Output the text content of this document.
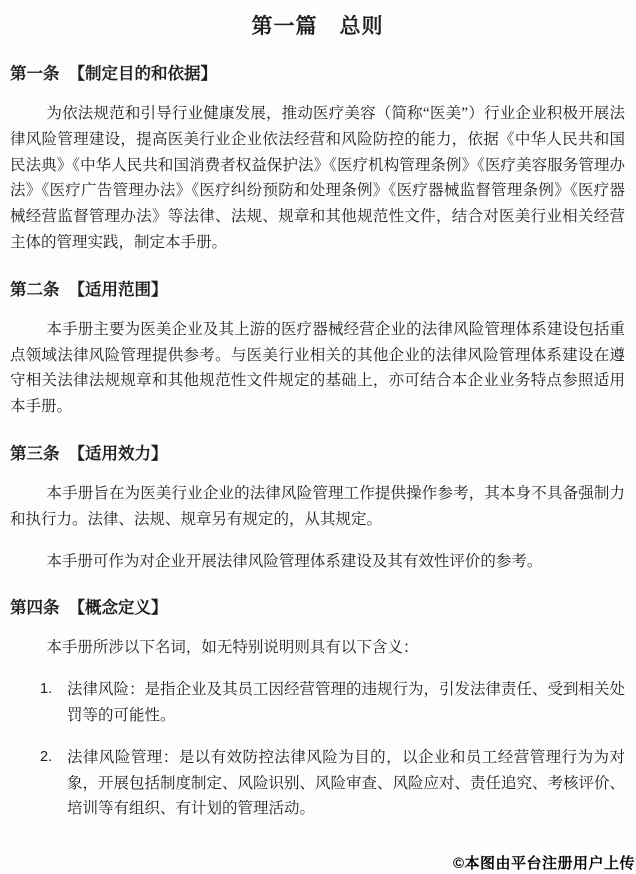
第一篇　总则
第一条 【制定目的和依据】

为依法规范和引导行业健康发展，推动医疗美容（简称“医美”）行业企业积极开展法律风险管理建设，提高医美行业企业依法经营和风险防控的能力，依据《中华人民共和国民法典》《中华人民共和国消费者权益保护法》《医疗机构管理条例》《医疗美容服务管理办法》《医疗广告管理办法》《医疗纠纷预防和处理条例》《医疗器械监督管理条例》《医疗器械经营监督管理办法》等法律、法规、规章和其他规范性文件，结合对医美行业相关经营主体的管理实践，制定本手册。

第二条 【适用范围】

本手册主要为医美企业及其上游的医疗器械经营企业的法律风险管理体系建设包括重点领域法律风险管理提供参考。与医美行业相关的其他企业的法律风险管理体系建设在遵守相关法律法规规章和其他规范性文件规定的基础上，亦可结合本企业业务特点参照适用本手册。

第三条 【适用效力】

本手册旨在为医美行业企业的法律风险管理工作提供操作参考，其本身不具备强制力和执行力。法律、法规、规章另有规定的，从其规定。

本手册可作为对企业开展法律风险管理体系建设及其有效性评价的参考。

第四条 【概念定义】

本手册所涉以下名词，如无特别说明则具有以下含义：

1. 法律风险：是指企业及其员工因经营管理的违规行为，引发法律责任、受到相关处罚等的可能性。
2. 法律风险管理：是以有效防控法律风险为目的，以企业和员工经营管理行为为对象，开展包括制度制定、风险识别、风险审查、风险应对、责任追究、考核评价、培训等有组织、有计划的管理活动。
©本图由平台注册用户上传
